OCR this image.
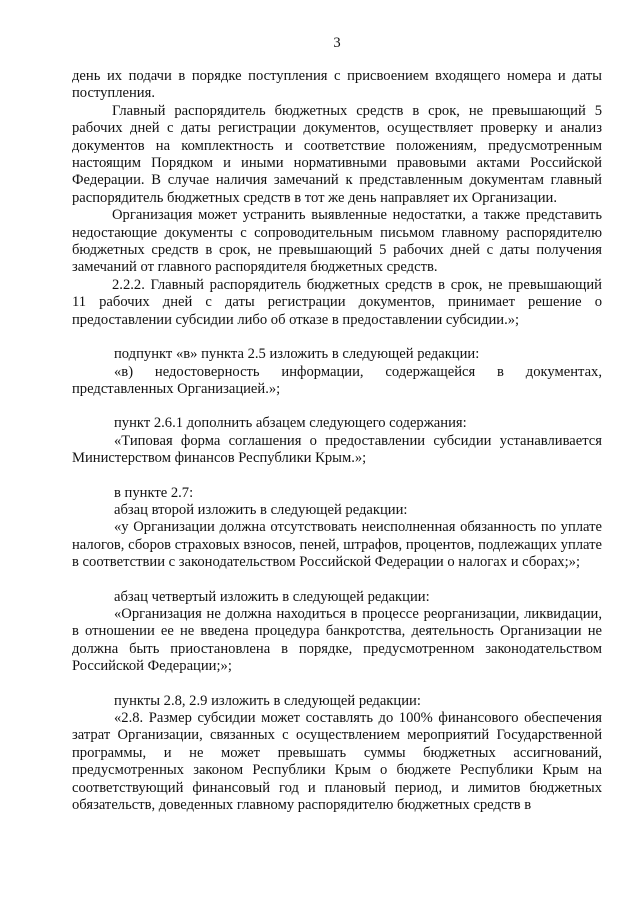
3

день их подачи в порядке поступления с присвоением входящего номера и даты поступления.

Главный распорядитель бюджетных средств в срок, не превышающий 5 рабочих дней с даты регистрации документов, осуществляет проверку и анализ документов на комплектность и соответствие положениям, предусмотренным настоящим Порядком и иными нормативными правовыми актами Российской Федерации. В случае наличия замечаний к представленным документам главный распорядитель бюджетных средств в тот же день направляет их Организации.

Организация может устранить выявленные недостатки, а также представить недостающие документы с сопроводительным письмом главному распорядителю бюджетных средств в срок, не превышающий 5 рабочих дней с даты получения замечаний от главного распорядителя бюджетных средств.

2.2.2. Главный распорядитель бюджетных средств в срок, не превышающий 11 рабочих дней с даты регистрации документов, принимает решение о предоставлении субсидии либо об отказе в предоставлении субсидии.»;

подпункт «в» пункта 2.5 изложить в следующей редакции:

«в) недостоверность информации, содержащейся в документах, представленных Организацией.»;

пункт 2.6.1 дополнить абзацем следующего содержания:

«Типовая форма соглашения о предоставлении субсидии устанавливается Министерством финансов Республики Крым.»;

в пункте 2.7:

абзац второй изложить в следующей редакции:

«у Организации должна отсутствовать неисполненная обязанность по уплате налогов, сборов страховых взносов, пеней, штрафов, процентов, подлежащих уплате в соответствии с законодательством Российской Федерации о налогах и сборах;»;

абзац четвертый изложить в следующей редакции:

«Организация не должна находиться в процессе реорганизации, ликвидации, в отношении ее не введена процедура банкротства, деятельность Организации не должна быть приостановлена в порядке, предусмотренном законодательством Российской Федерации;»;

пункты 2.8, 2.9 изложить в следующей редакции:

«2.8. Размер субсидии может составлять до 100% финансового обеспечения затрат Организации, связанных с осуществлением мероприятий Государственной программы, и не может превышать суммы бюджетных ассигнований, предусмотренных законом Республики Крым о бюджете Республики Крым на соответствующий финансовый год и плановый период, и лимитов бюджетных обязательств, доведенных главному распорядителю бюджетных средств в
